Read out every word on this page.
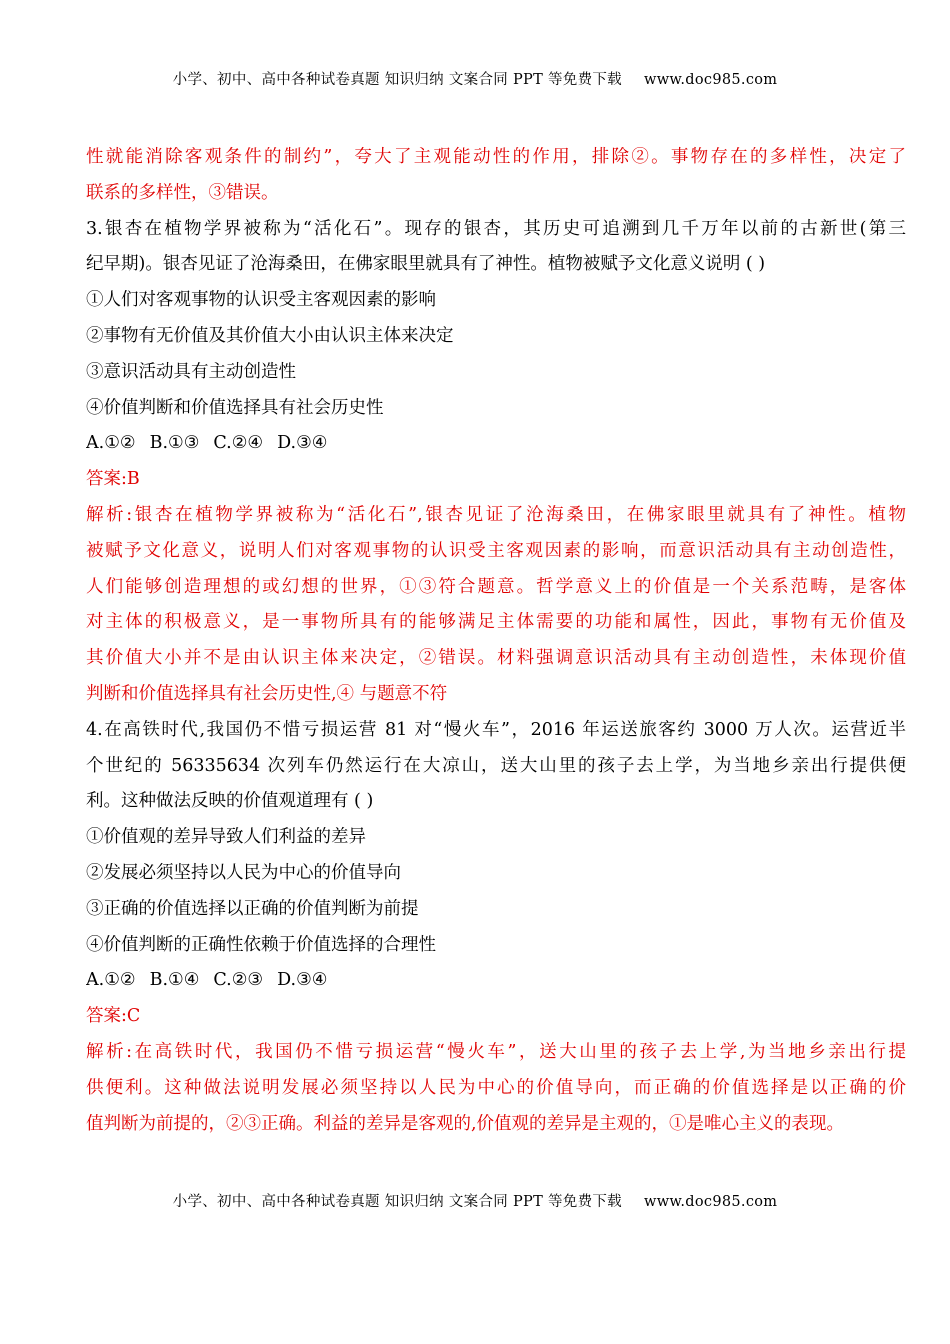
小学、初中、高中各种试卷真题 知识归纳 文案合同 PPT 等免费下载 www.doc985.com
性就能消除客观条件的制约”，夸大了主观能动性的作用，排除②。事物存在的多样性，决定了
联系的多样性，③错误。
3.银杏在植物学界被称为“活化石”。现存的银杏，其历史可追溯到几千万年以前的古新世(第三
纪早期)。银杏见证了沧海桑田，在佛家眼里就具有了神性。植物被赋予文化意义说明 ( )
①人们对客观事物的认识受主客观因素的影响
②事物有无价值及其价值大小由认识主体来决定
③意识活动具有主动创造性
④价值判断和价值选择具有社会历史性
A.①② B.①③ C.②④ D.③④
答案:B
解析:银杏在植物学界被称为“活化石”,银杏见证了沧海桑田，在佛家眼里就具有了神性。植物
被赋予文化意义，说明人们对客观事物的认识受主客观因素的影响，而意识活动具有主动创造性，
人们能够创造理想的或幻想的世界，①③符合题意。哲学意义上的价值是一个关系范畴，是客体
对主体的积极意义，是一事物所具有的能够满足主体需要的功能和属性，因此，事物有无价值及
其价值大小并不是由认识主体来决定，②错误。材料强调意识活动具有主动创造性，未体现价值
判断和价值选择具有社会历史性,④ 与题意不符
4.在高铁时代,我国仍不惜亏损运营 81 对“慢火车”，2016 年运送旅客约 3000 万人次。运营近半
个世纪的 56335634 次列车仍然运行在大凉山，送大山里的孩子去上学，为当地乡亲出行提供便
利。这种做法反映的价值观道理有 ( )
①价值观的差异导致人们利益的差异
②发展必须坚持以人民为中心的价值导向
③正确的价值选择以正确的价值判断为前提
④价值判断的正确性依赖于价值选择的合理性
A.①② B.①④ C.②③ D.③④
答案:C
解析:在高铁时代，我国仍不惜亏损运营“慢火车”，送大山里的孩子去上学,为当地乡亲出行提
供便利。这种做法说明发展必须坚持以人民为中心的价值导向，而正确的价值选择是以正确的价
值判断为前提的，②③正确。利益的差异是客观的,价值观的差异是主观的，①是唯心主义的表现。
小学、初中、高中各种试卷真题 知识归纳 文案合同 PPT 等免费下载 www.doc985.com
